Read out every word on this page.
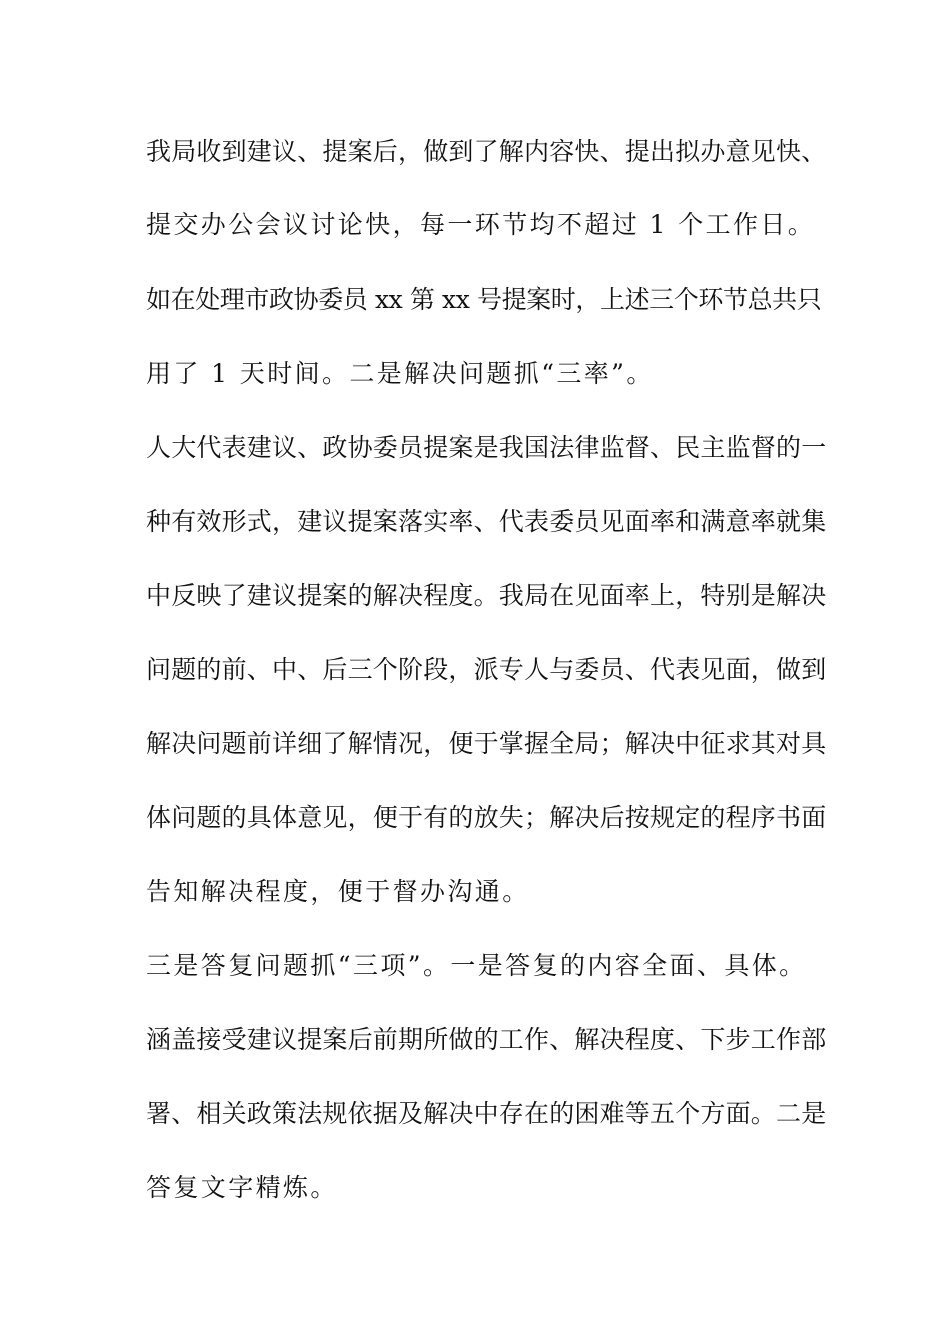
我局收到建议、提案后，做到了解内容快、提出拟办意见快、
提交办公会议讨论快，每一环节均不超过 1 个工作日。
如在处理市政协委员 xx 第 xx 号提案时，上述三个环节总共只
用了 1 天时间。二是解决问题抓“三率”。
人大代表建议、政协委员提案是我国法律监督、民主监督的一
种有效形式，建议提案落实率、代表委员见面率和满意率就集
中反映了建议提案的解决程度。我局在见面率上，特别是解决
问题的前、中、后三个阶段，派专人与委员、代表见面，做到
解决问题前详细了解情况，便于掌握全局；解决中征求其对具
体问题的具体意见，便于有的放失；解决后按规定的程序书面
告知解决程度，便于督办沟通。
三是答复问题抓“三项”。一是答复的内容全面、具体。
涵盖接受建议提案后前期所做的工作、解决程度、下步工作部
署、相关政策法规依据及解决中存在的困难等五个方面。二是
答复文字精炼。
